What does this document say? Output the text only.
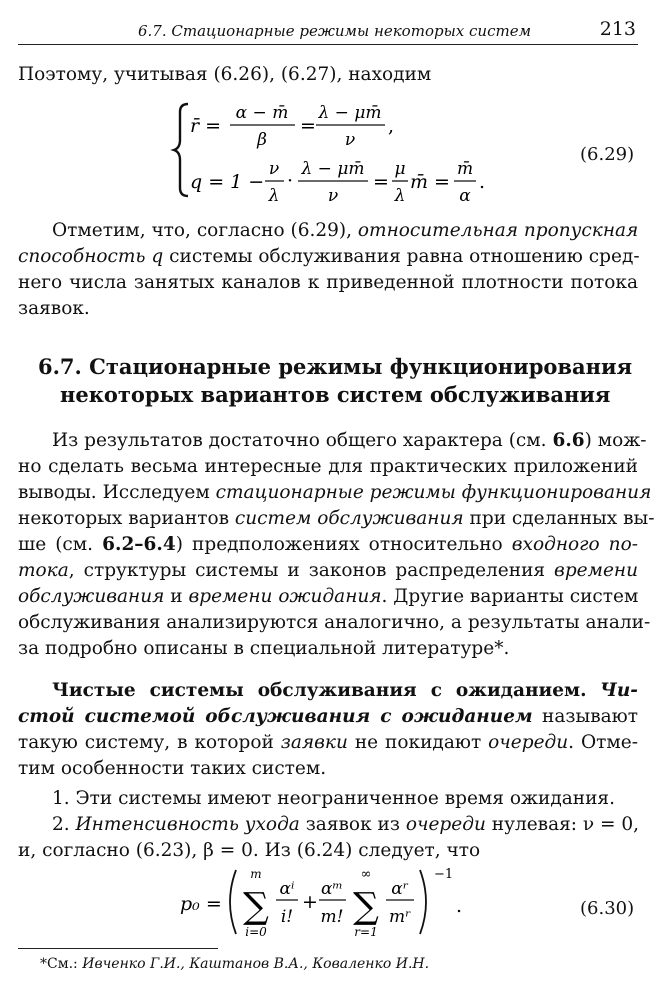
6.7. Стационарные режимы некоторых систем	213
Поэтому, учитывая (6.26), (6.27), находим
r̄ =
α − m̄
β
=
λ − μm̄
ν
,
q = 1 −
ν
λ
·
λ − μm̄
ν
=
μ
λ
m̄ =
m̄
α
.
(6.29)
Отметим, что, согласно (6.29), относительная пропускная
способность q системы обслуживания равна отношению сред-
него числа занятых каналов к приведенной плотности потока
заявок.
6.7. Стационарные режимы функционирования
некоторых вариантов систем обслуживания
Из результатов достаточно общего характера (см. 6.6) мож-
но сделать весьма интересные для практических приложений
выводы. Исследуем стационарные режимы функционирования
некоторых вариантов систем обслуживания при сделанных вы-
ше (см. 6.2–6.4) предположениях относительно входного по-
тока, структуры системы и законов распределения времени
обслуживания и времени ожидания. Другие варианты систем
обслуживания анализируются аналогично, а результаты анали-
за подробно описаны в специальной литературе*.
Чистые системы обслуживания с ожиданием. Чи-
стой системой обслуживания с ожиданием называют
такую систему, в которой заявки не покидают очереди. Отме-
тим особенности таких систем.
1. Эти системы имеют неограниченное время ожидания.
2. Интенсивность ухода заявок из очереди нулевая: ν = 0,
и, согласно (6.23), β = 0. Из (6.24) следует, что
p₀ =
m
∑
i=0
αⁱ
i!
+
αᵐ
m!
∞
∑
r=1
αʳ
mʳ
−1
.	(6.30)
*См.: Ивченко Г.И., Каштанов В.А., Коваленко И.Н.
